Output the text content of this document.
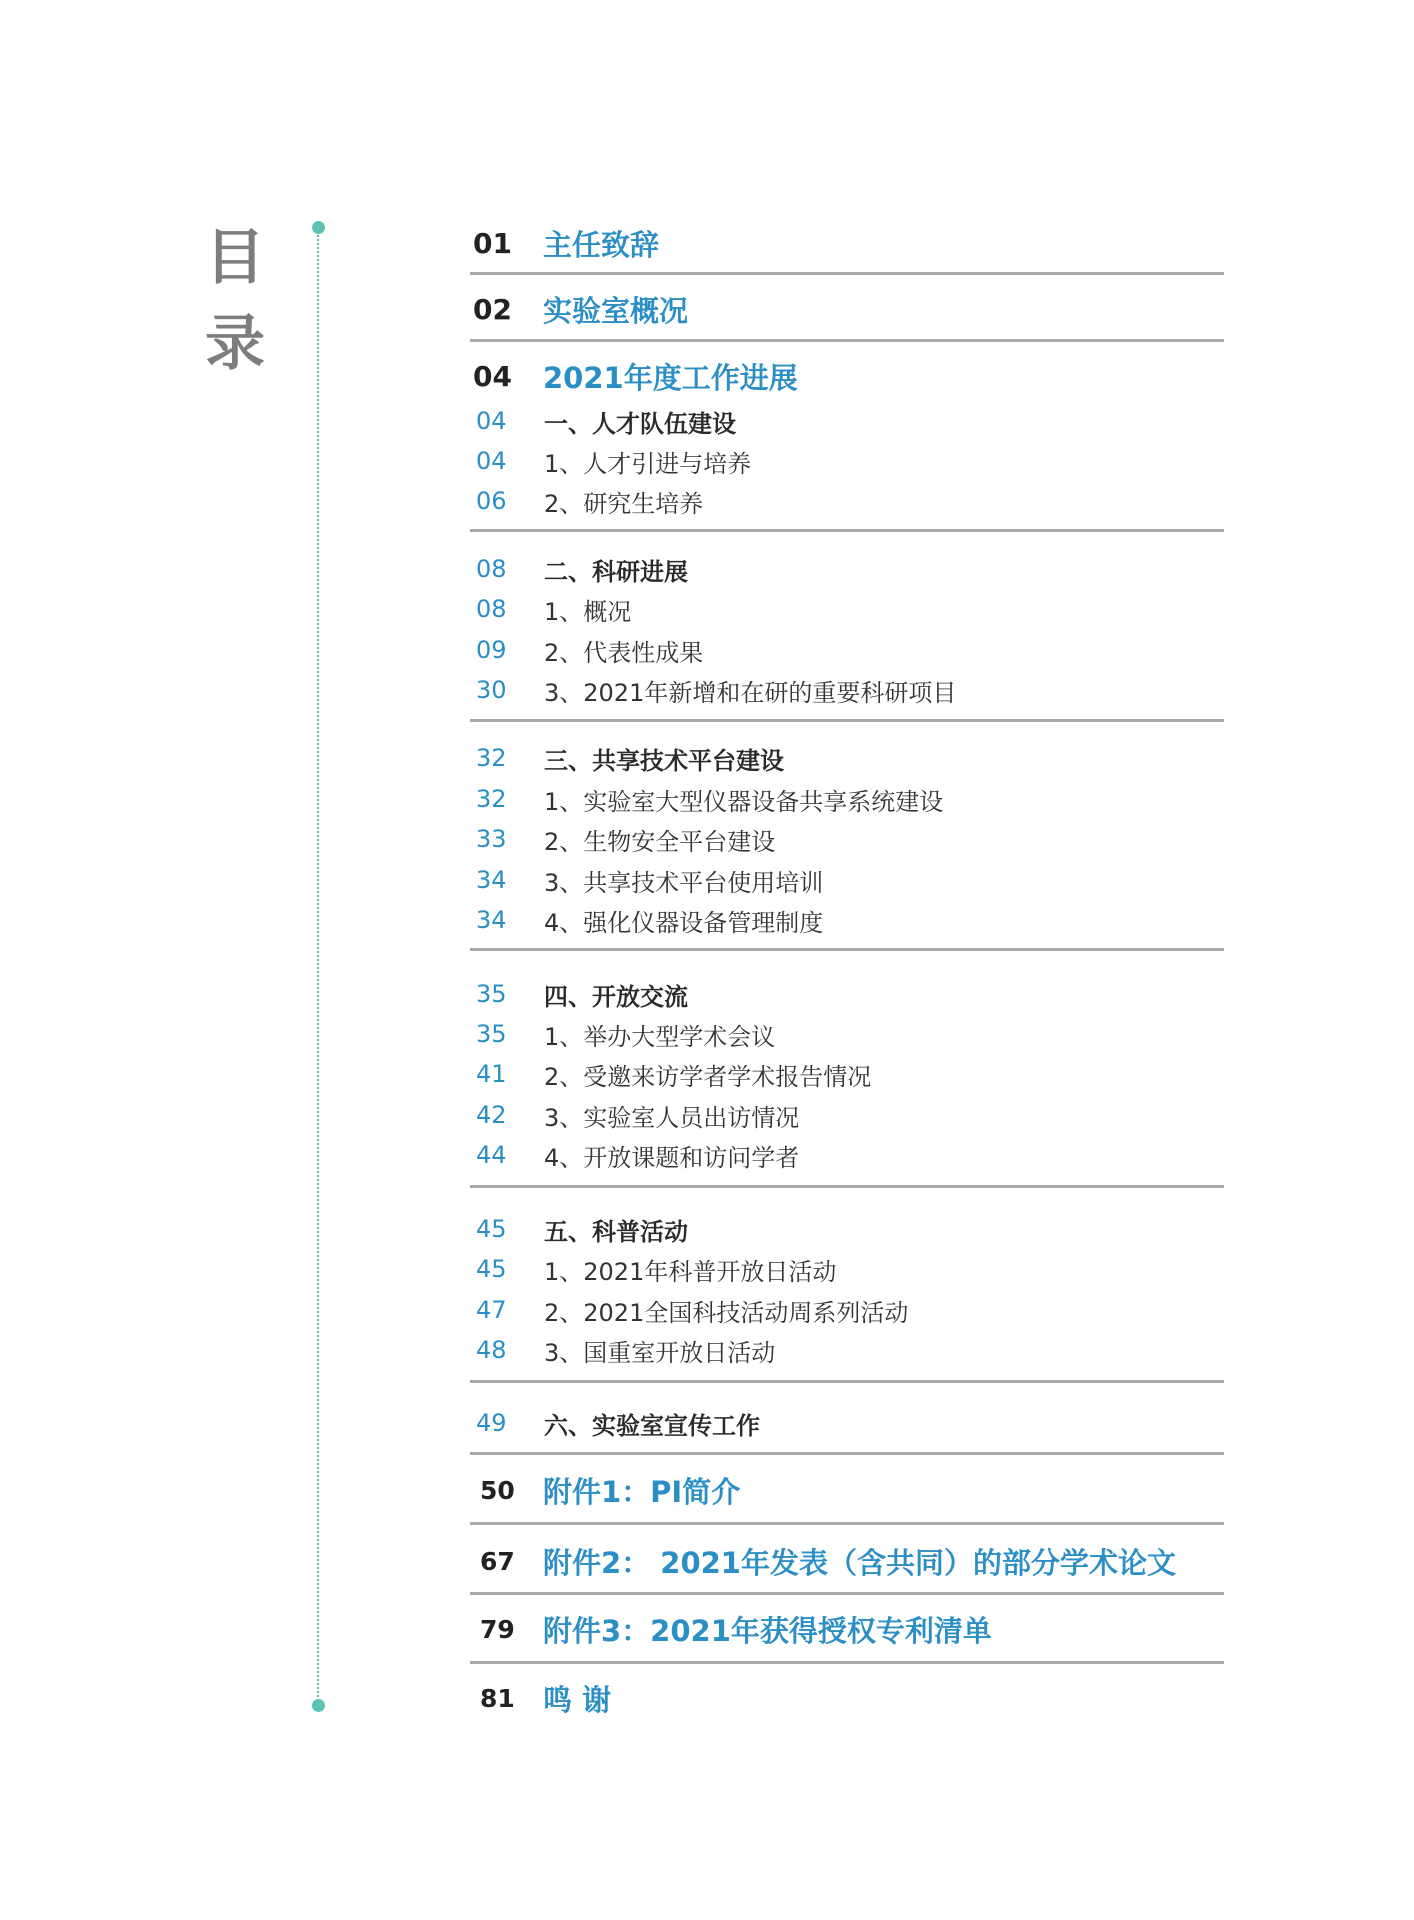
目
录
01 主任致辞
02 实验室概况
04 2021年度工作进展
04 一、人才队伍建设
04 1、人才引进与培养
06 2、研究生培养
08 二、科研进展
08 1、概况
09 2、代表性成果
30 3、2021年新增和在研的重要科研项目
32 三、共享技术平台建设
32 1、实验室大型仪器设备共享系统建设
33 2、生物安全平台建设
34 3、共享技术平台使用培训
34 4、强化仪器设备管理制度
35 四、开放交流
35 1、举办大型学术会议
41 2、受邀来访学者学术报告情况
42 3、实验室人员出访情况
44 4、开放课题和访问学者
45 五、科普活动
45 1、2021年科普开放日活动
47 2、2021全国科技活动周系列活动
48 3、国重室开放日活动
49 六、实验室宣传工作
50 附件1：PI简介
67 附件2： 2021年发表（含共同）的部分学术论文
79 附件3：2021年获得授权专利清单
81 鸣 谢
